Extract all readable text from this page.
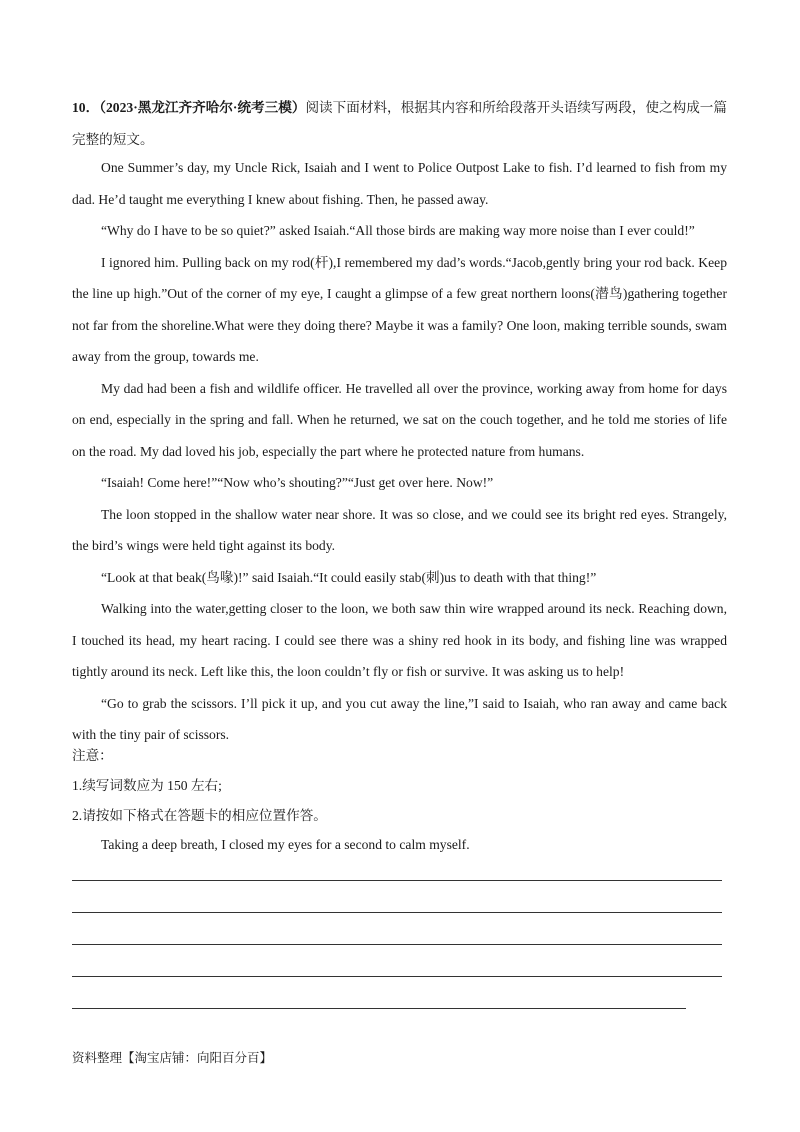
10．（2023·黑龙江齐齐哈尔·统考三模）阅读下面材料，根据其内容和所给段落开头语续写两段，使之构成一篇完整的短文。

One Summer’s day, my Uncle Rick, Isaiah and I went to Police Outpost Lake to fish. I’d learned to fish from my dad. He’d taught me everything I knew about fishing. Then, he passed away.

“Why do I have to be so quiet?” asked Isaiah.“All those birds are making way more noise than I ever could!”

I ignored him. Pulling back on my rod(杆),I remembered my dad’s words.“Jacob,gently bring your rod back. Keep the line up high.”Out of the corner of my eye, I caught a glimpse of a few great northern loons(潜鸟)gathering together not far from the shoreline.What were they doing there? Maybe it was a family? One loon, making terrible sounds, swam away from the group, towards me.

My dad had been a fish and wildlife officer. He travelled all over the province, working away from home for days on end, especially in the spring and fall. When he returned, we sat on the couch together, and he told me stories of life on the road. My dad loved his job, especially the part where he protected nature from humans.

“Isaiah! Come here!”“Now who’s shouting?”“Just get over here. Now!”

The loon stopped in the shallow water near shore. It was so close, and we could see its bright red eyes. Strangely, the bird’s wings were held tight against its body.

“Look at that beak(鸟喙)!” said Isaiah.“It could easily stab(刺)us to death with that thing!”

Walking into the water,getting closer to the loon, we both saw thin wire wrapped around its neck. Reaching down, I touched its head, my heart racing. I could see there was a shiny red hook in its body, and fishing line was wrapped tightly around its neck. Left like this, the loon couldn’t fly or fish or survive. It was asking us to help!

“Go to grab the scissors. I’ll pick it up, and you cut away the line,”I said to Isaiah, who ran away and came back with the tiny pair of scissors.

注意：

1.续写词数应为 150 左右;

2.请按如下格式在答题卡的相应位置作答。

Taking a deep breath, I closed my eyes for a second to calm myself.

资料整理【淘宝店铺：向阳百分百】
